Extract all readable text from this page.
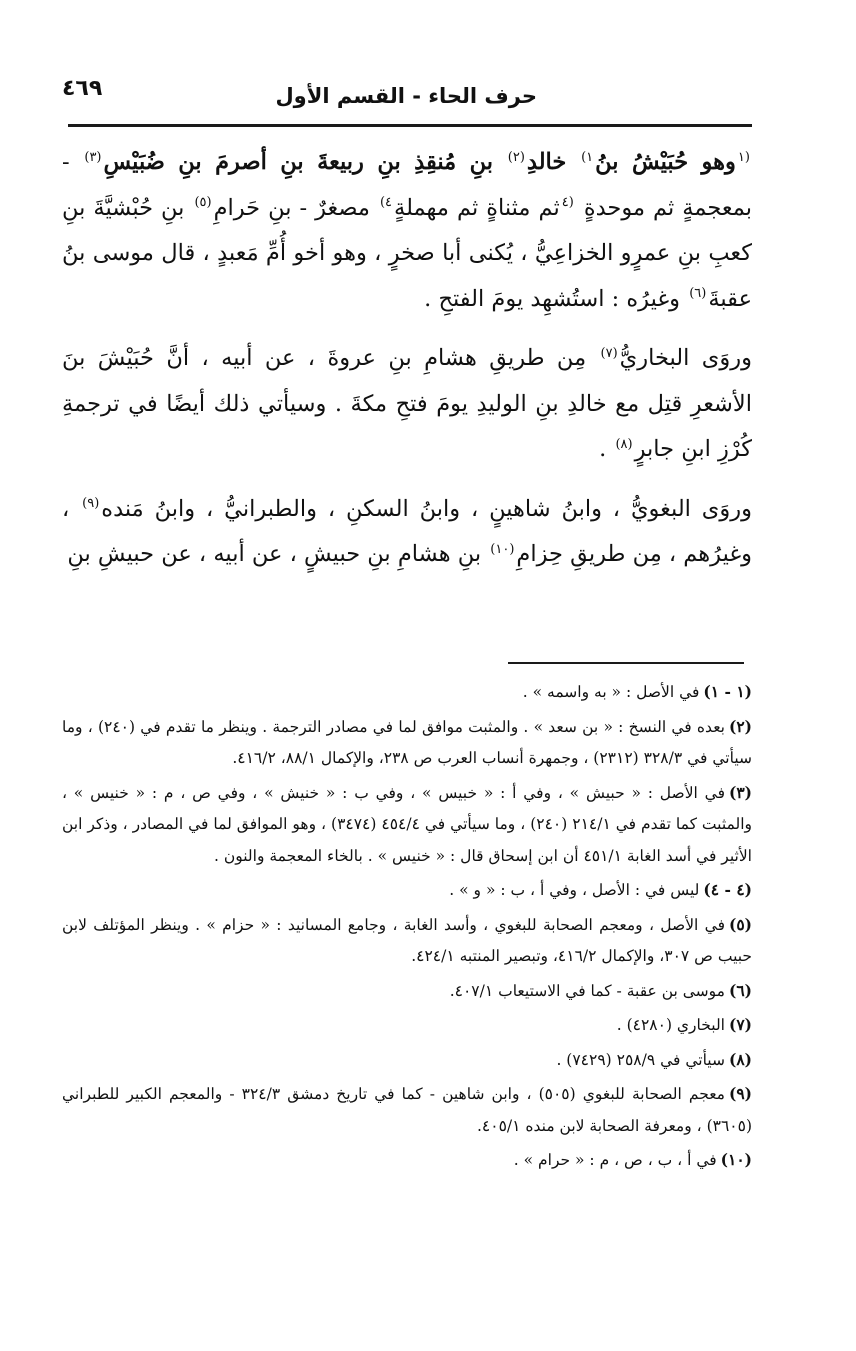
حرف الحاء - القسم الأول
٤٦٩

$^{(١}$وهو حُبَيْشُ بنُ$^{١)}$ خالدِ$^{(٢)}$ بنِ مُنقِذِ بنِ ربيعةَ بنِ أصرمَ بنِ ضُبَيْسِ$^{(٣)}$ - بمعجمةٍ ثم موحدةٍ $^{(٤}$ثم مثناةٍ ثم مهملةٍ$^{٤)}$ مصغرٌ - بنِ حَرامِ$^{(٥)}$ بنِ حُبْشيَّةَ بنِ كعبِ بنِ عمرٍو الخزاعِيُّ ، يُكنى أبا صخرٍ ، وهو أخو أُمِّ مَعبدٍ ، قال موسى بنُ عقبةَ$^{(٦)}$ وغيرُه : استُشهِد يومَ الفتحِ .

وروَى البخاريُّ$^{(٧)}$ مِن طريقِ هشامِ بنِ عروةَ ، عن أبيه ، أنَّ حُبَيْشَ بنَ الأشعرِ قتِل مع خالدِ بنِ الوليدِ يومَ فتحِ مكةَ . وسيأتي ذلك أيضًا في ترجمةِ كُرْزِ ابنِ جابرٍ$^{(٨)}$ .

وروَى البغويُّ ، وابنُ شاهينٍ ، وابنُ السكنِ ، والطبرانيُّ ، وابنُ مَنده$^{(٩)}$ ، وغيرُهم ، مِن طريقِ حِزامِ$^{(١٠)}$ بنِ هشامِ بنِ حبيشٍ ، عن أبيه ، عن حبيشِ بنِ

(١ - ١)في الأصل : « به واسمه » .
(٢)بعده في النسخ : « بن سعد » . والمثبت موافق لما في مصادر الترجمة . وينظر ما تقدم في (٢٤٠) ، وما سيأتي في ٣٢٨/٣ (٢٣١٢) ، وجمهرة أنساب العرب ص ٢٣٨، والإكمال ٨٨/١، ٤١٦/٢.
(٣)في الأصل : « حبيش » ، وفي أ : « خبيس » ، وفي ب : « خنيش » ، وفي ص ، م : « خنيس » ، والمثبت كما تقدم في ٢١٤/١ (٢٤٠) ، وما سيأتي في ٤٥٤/٤ (٣٤٧٤) ، وهو الموافق لما في المصادر ، وذكر ابن الأثير في أسد الغابة ٤٥١/١ أن ابن إسحاق قال : « خنيس » . بالخاء المعجمة والنون .
(٤ - ٤)ليس في : الأصل ، وفي أ ، ب : « و » .
(٥)في الأصل ، ومعجم الصحابة للبغوي ، وأسد الغابة ، وجامع المسانيد : « حزام » . وينظر المؤتلف لابن حبيب ص ٣٠٧، والإكمال ٤١٦/٢، وتبصير المنتبه ٤٢٤/١.
(٦)موسى بن عقبة - كما في الاستيعاب ٤٠٧/١.
(٧)البخاري (٤٢٨٠) .
(٨)سيأتي في ٢٥٨/٩ (٧٤٢٩) .
(٩)معجم الصحابة للبغوي (٥٠٥) ، وابن شاهين - كما في تاريخ دمشق ٣٢٤/٣ - والمعجم الكبير للطبراني (٣٦٠٥) ، ومعرفة الصحابة لابن منده ٤٠٥/١.
(١٠)في أ ، ب ، ص ، م : « حرام » .
